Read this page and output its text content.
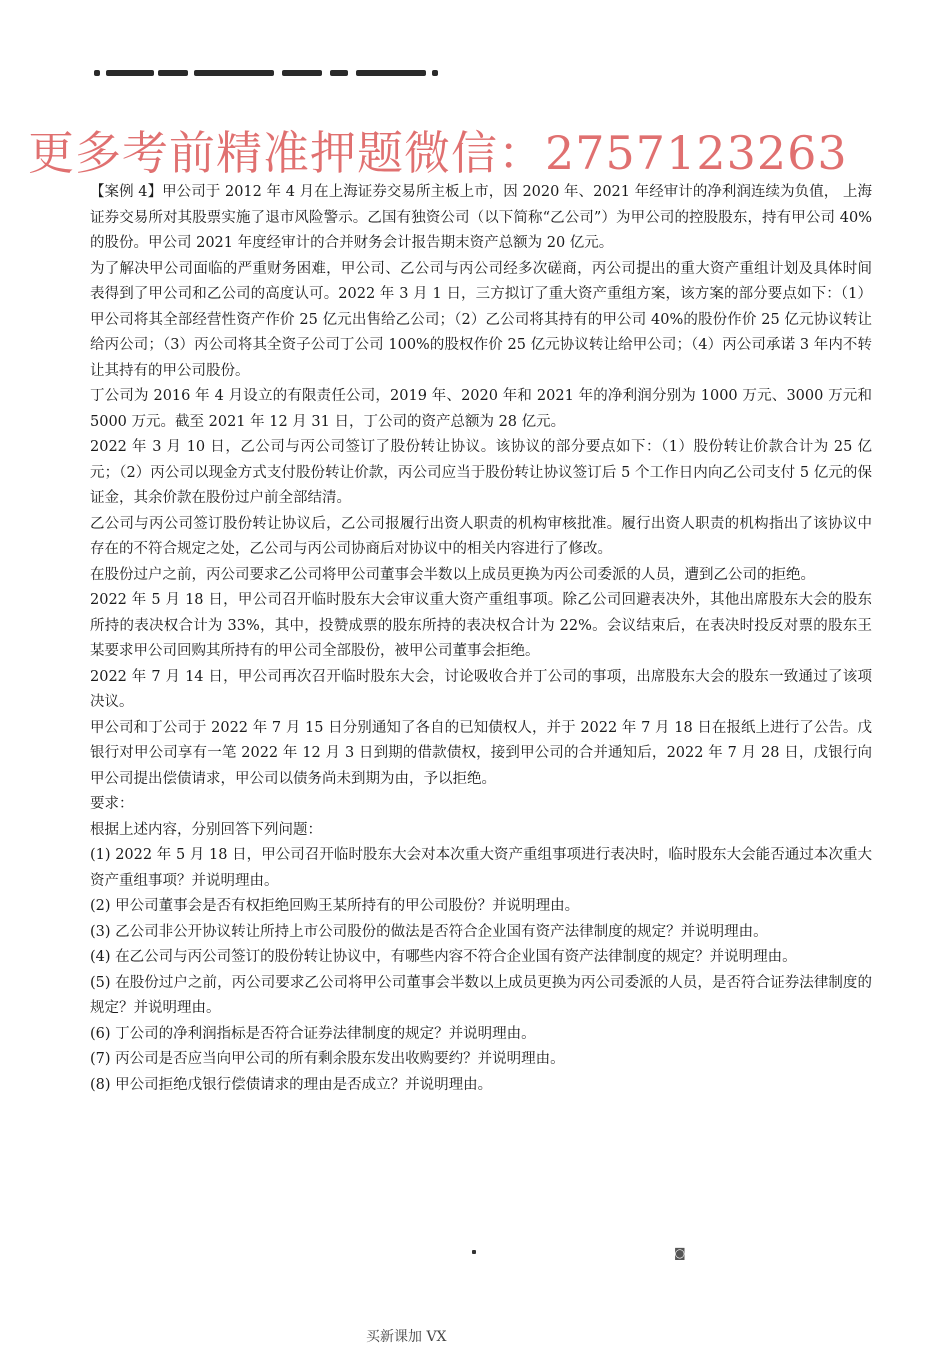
更多考前精准押题微信：2757123263

【案例 4】甲公司于 2012 年 4 月在上海证券交易所主板上市，因 2020 年、2021 年经审计的净利润连续为负值， 上海证券交易所对其股票实施了退市风险警示。乙国有独资公司（以下简称“乙公司”）为甲公司的控股股东，持有甲公司 40%的股份。甲公司 2021 年度经审计的合并财务会计报告期末资产总额为 20 亿元。

为了解决甲公司面临的严重财务困难，甲公司、乙公司与丙公司经多次磋商，丙公司提出的重大资产重组计划及具体时间表得到了甲公司和乙公司的高度认可。2022 年 3 月 1 日，三方拟订了重大资产重组方案，该方案的部分要点如下：（1）甲公司将其全部经营性资产作价 25 亿元出售给乙公司；（2）乙公司将其持有的甲公司 40%的股份作价 25 亿元协议转让给丙公司；（3）丙公司将其全资子公司丁公司 100%的股权作价 25 亿元协议转让给甲公司；（4）丙公司承诺 3 年内不转让其持有的甲公司股份。

丁公司为 2016 年 4 月设立的有限责任公司，2019 年、2020 年和 2021 年的净利润分别为 1000 万元、3000 万元和 5000 万元。截至 2021 年 12 月 31 日，丁公司的资产总额为 28 亿元。

2022 年 3 月 10 日，乙公司与丙公司签订了股份转让协议。该协议的部分要点如下：（1）股份转让价款合计为 25 亿元；（2）丙公司以现金方式支付股份转让价款，丙公司应当于股份转让协议签订后 5 个工作日内向乙公司支付 5 亿元的保证金，其余价款在股份过户前全部结清。

乙公司与丙公司签订股份转让协议后，乙公司报履行出资人职责的机构审核批准。履行出资人职责的机构指出了该协议中存在的不符合规定之处，乙公司与丙公司协商后对协议中的相关内容进行了修改。

在股份过户之前，丙公司要求乙公司将甲公司董事会半数以上成员更换为丙公司委派的人员，遭到乙公司的拒绝。

2022 年 5 月 18 日，甲公司召开临时股东大会审议重大资产重组事项。除乙公司回避表决外，其他出席股东大会的股东所持的表决权合计为 33%，其中，投赞成票的股东所持的表决权合计为 22%。会议结束后，在表决时投反对票的股东王某要求甲公司回购其所持有的甲公司全部股份，被甲公司董事会拒绝。

2022 年 7 月 14 日，甲公司再次召开临时股东大会，讨论吸收合并丁公司的事项，出席股东大会的股东一致通过了该项决议。

甲公司和丁公司于 2022 年 7 月 15 日分别通知了各自的已知债权人，并于 2022 年 7 月 18 日在报纸上进行了公告。戊银行对甲公司享有一笔 2022 年 12 月 3 日到期的借款债权，接到甲公司的合并通知后，2022 年 7 月 28 日，戊银行向甲公司提出偿债请求，甲公司以债务尚未到期为由，予以拒绝。

要求：

根据上述内容，分别回答下列问题：

(1) 2022 年 5 月 18 日，甲公司召开临时股东大会对本次重大资产重组事项进行表决时，临时股东大会能否通过本次重大资产重组事项？并说明理由。

(2) 甲公司董事会是否有权拒绝回购王某所持有的甲公司股份？并说明理由。

(3) 乙公司非公开协议转让所持上市公司股份的做法是否符合企业国有资产法律制度的规定？并说明理由。

(4) 在乙公司与丙公司签订的股份转让协议中，有哪些内容不符合企业国有资产法律制度的规定？并说明理由。

(5) 在股份过户之前，丙公司要求乙公司将甲公司董事会半数以上成员更换为丙公司委派的人员，是否符合证券法律制度的规定？并说明理由。

(6) 丁公司的净利润指标是否符合证券法律制度的规定？并说明理由。

(7) 丙公司是否应当向甲公司的所有剩余股东发出收购要约？并说明理由。

(8) 甲公司拒绝戊银行偿债请求的理由是否成立？并说明理由。

◙
买新课加 VX
